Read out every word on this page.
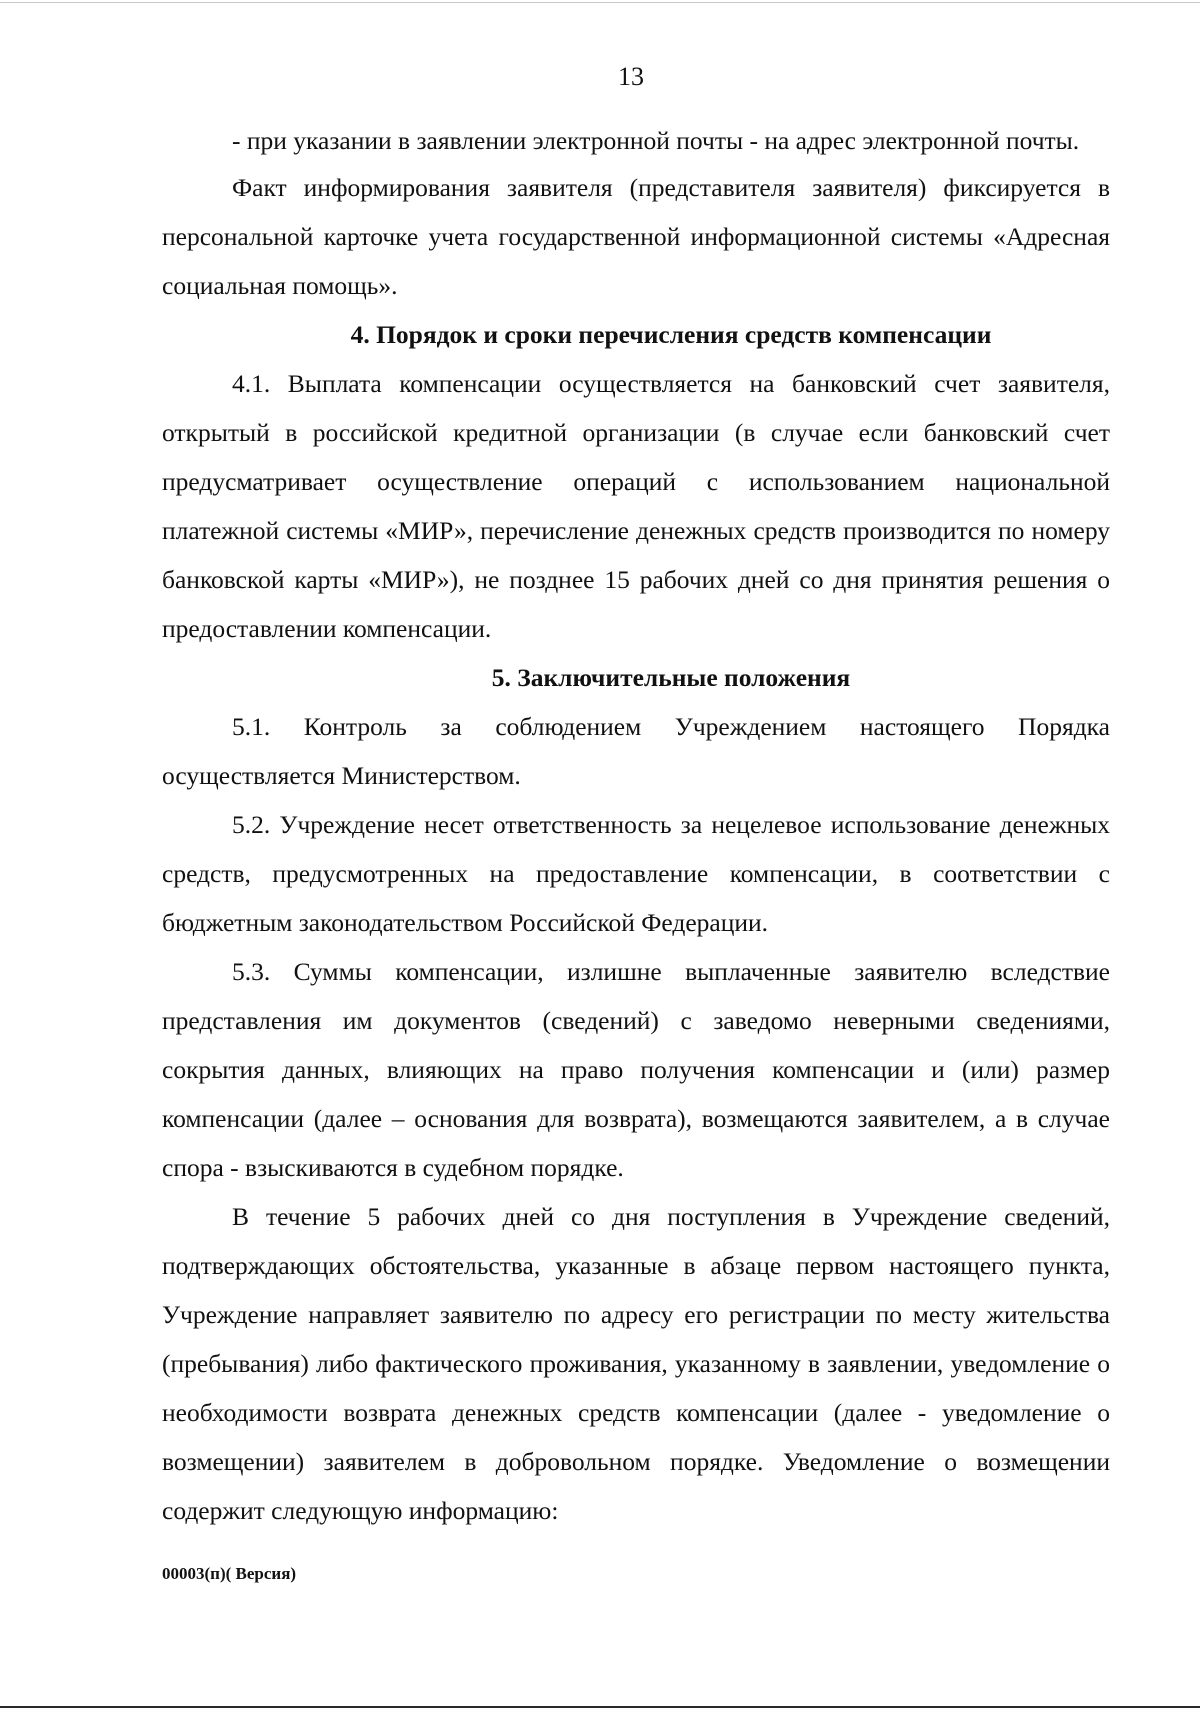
13

- при указании в заявлении электронной почты - на адрес электронной почты.

Факт информирования заявителя (представителя заявителя) фиксируется в персональной карточке учета государственной информационной системы «Адресная социальная помощь».

4. Порядок и сроки перечисления средств компенсации

4.1. Выплата компенсации осуществляется на банковский счет заявителя, открытый в российской кредитной организации (в случае если банковский счет предусматривает осуществление операций с использованием национальной платежной системы «МИР», перечисление денежных средств производится по номеру банковской карты «МИР»), не позднее 15 рабочих дней со дня принятия решения о предоставлении компенсации.

5. Заключительные положения

5.1. Контроль за соблюдением Учреждением настоящего Порядка осуществляется Министерством.

5.2. Учреждение несет ответственность за нецелевое использование денежных средств, предусмотренных на предоставление компенсации, в соответствии с бюджетным законодательством Российской Федерации.

5.3. Суммы компенсации, излишне выплаченные заявителю вследствие представления им документов (сведений) с заведомо неверными сведениями, сокрытия данных, влияющих на право получения компенсации и (или) размер компенсации (далее – основания для возврата), возмещаются заявителем, а в случае спора - взыскиваются в судебном порядке.

В течение 5 рабочих дней со дня поступления в Учреждение сведений, подтверждающих обстоятельства, указанные в абзаце первом настоящего пункта, Учреждение направляет заявителю по адресу его регистрации по месту жительства (пребывания) либо фактического проживания, указанному в заявлении, уведомление о необходимости возврата денежных средств компенсации (далее - уведомление о возмещении) заявителем в добровольном порядке. Уведомление о возмещении содержит следующую информацию:

00003(п)( Версия)
